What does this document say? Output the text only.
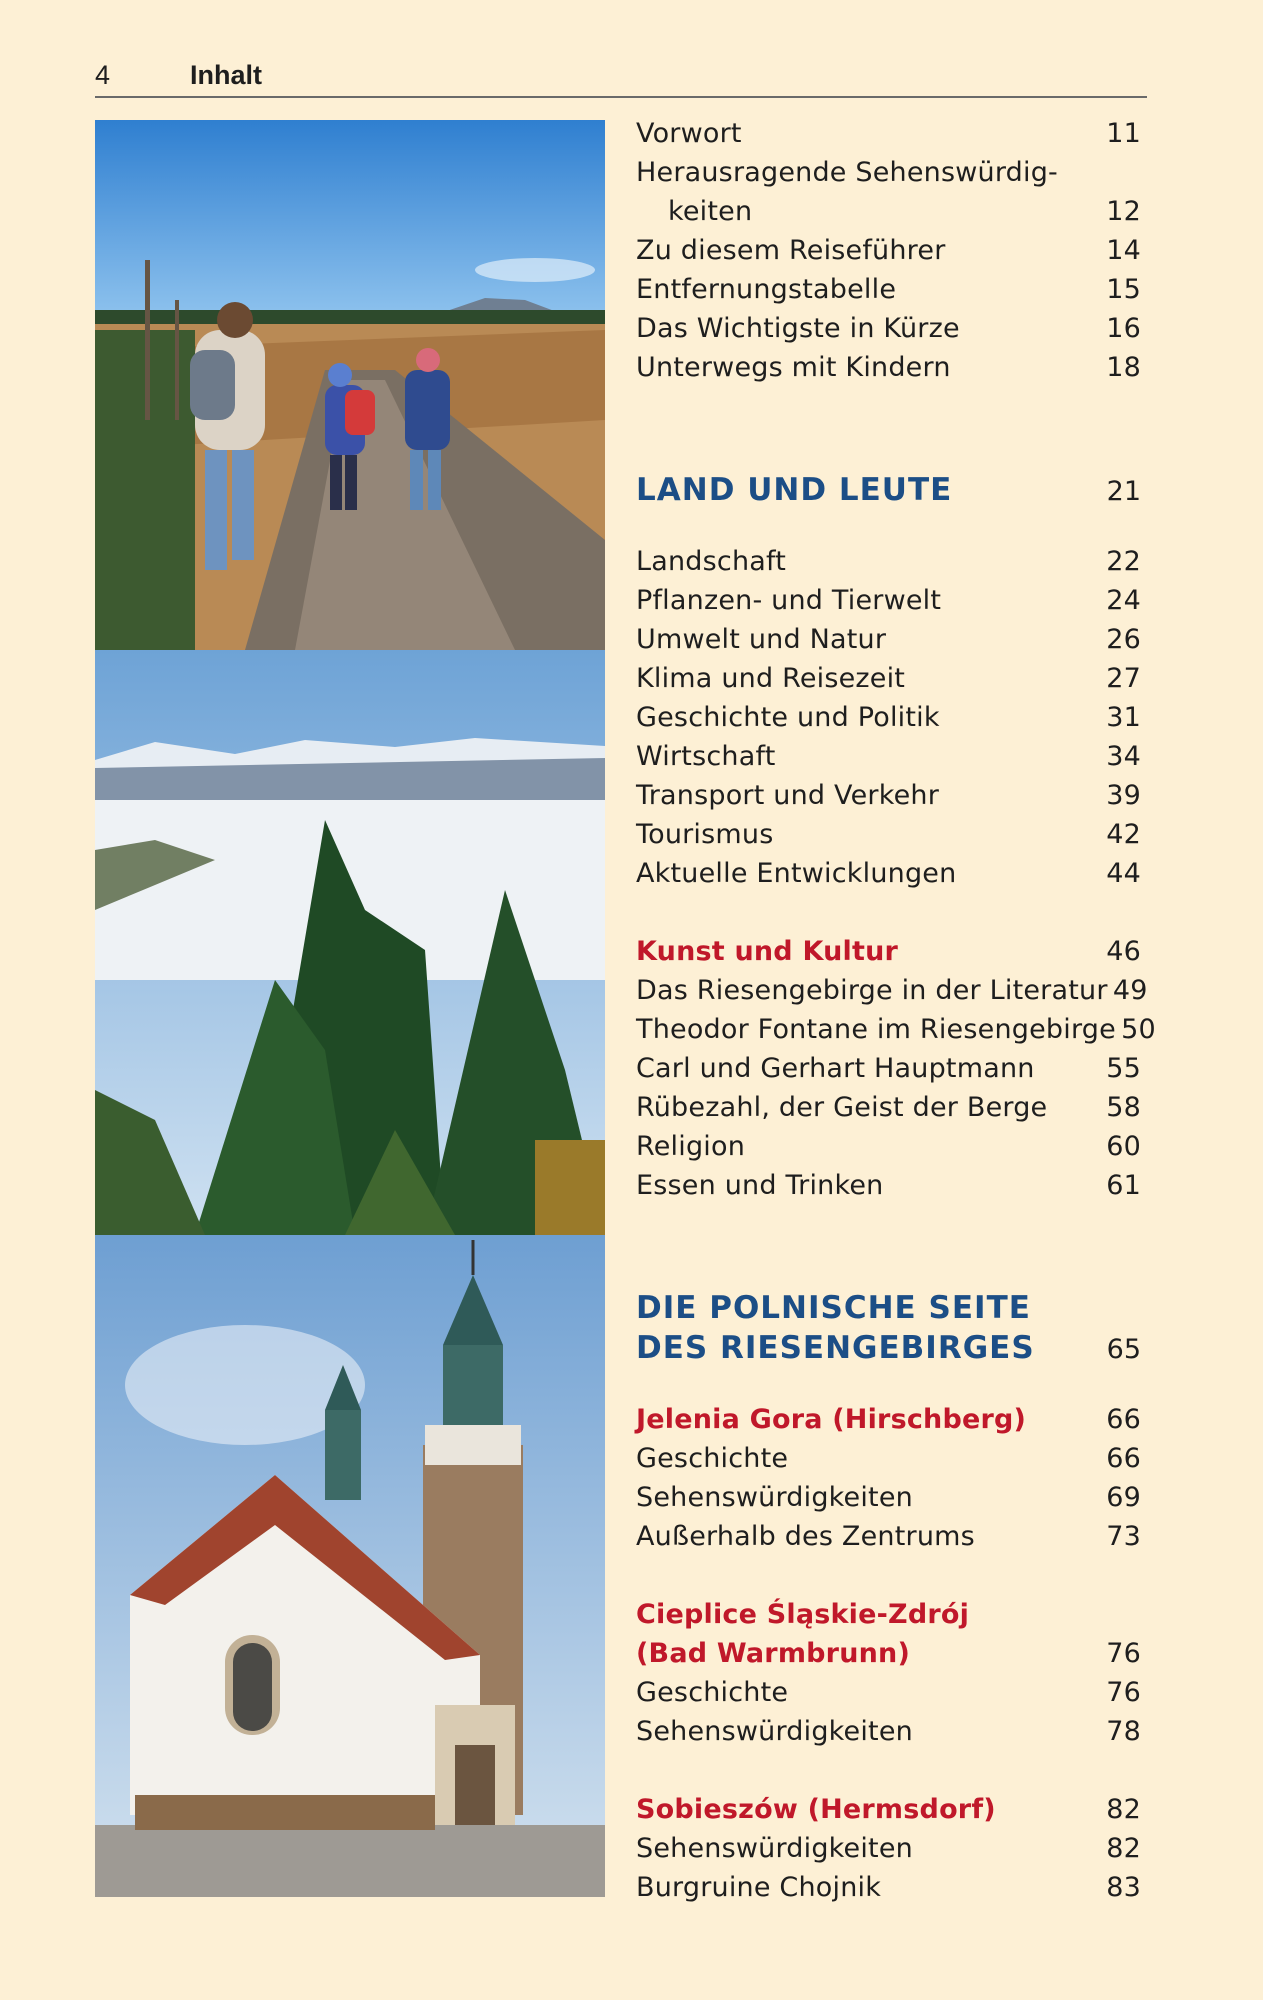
4	Inhalt
Vorwort	11
Herausragende Sehenswürdig-
keiten	12
Zu diesem Reiseführer	14
Entfernungstabelle	15
Das Wichtigste in Kürze	16
Unterwegs mit Kindern	18
LAND UND LEUTE	21
Landschaft	22
Pflanzen- und Tierwelt	24
Umwelt und Natur	26
Klima und Reisezeit	27
Geschichte und Politik	31
Wirtschaft	34
Transport und Verkehr	39
Tourismus	42
Aktuelle Entwicklungen	44
Kunst und Kultur	46
Das Riesengebirge in der Literatur 49
Theodor Fontane im Riesengebirge 50
Carl und Gerhart Hauptmann	55
Rübezahl, der Geist der Berge 58
Religion	60
Essen und Trinken	61
DIE POLNISCHE SEITE
DES RIESENGEBIRGES	65
Jelenia Gora (Hirschberg)	66
Geschichte	66
Sehenswürdigkeiten	69
Außerhalb des Zentrums	73
Cieplice Śląskie-Zdrój
(Bad Warmbrunn)	76
Geschichte	76
Sehenswürdigkeiten	78
Sobieszów (Hermsdorf)	82
Sehenswürdigkeiten	82
Burgruine Chojnik	83
